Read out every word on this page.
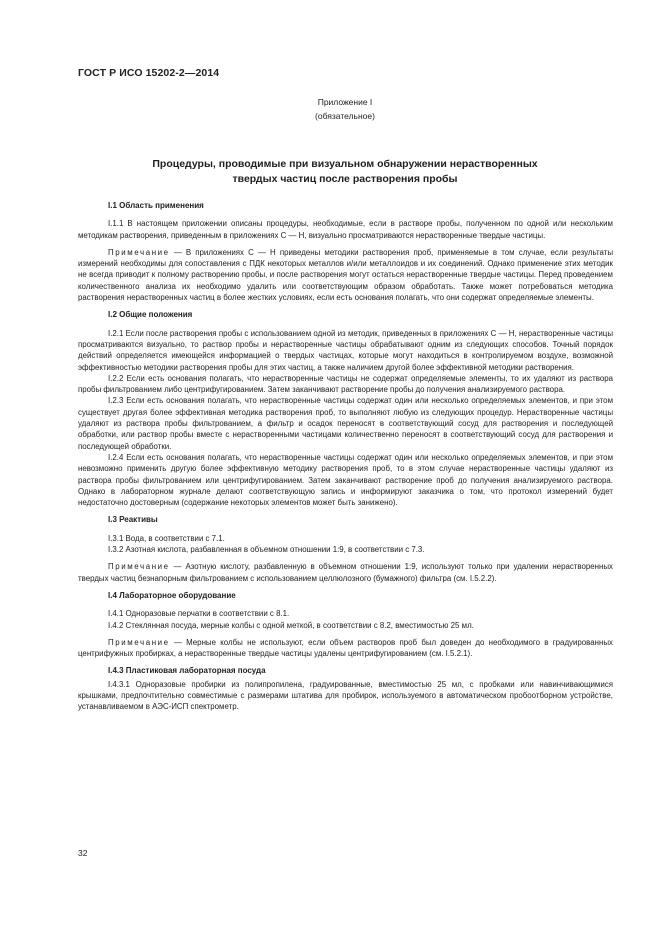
ГОСТ Р ИСО 15202-2—2014
Приложение I
(обязательное)
Процедуры, проводимые при визуальном обнаружении нерастворенных
твердых частиц после растворения пробы
I.1 Область применения

I.1.1 В настоящем приложении описаны процедуры, необходимые, если в растворе пробы, полученном по одной или нескольким методикам растворения, приведенным в приложениях С — Н, визуально просматриваются нерастворенные твердые частицы.

Примечание — В приложениях С — Н приведены методики растворения проб, применяемые в том случае, если результаты измерений необходимы для сопоставления с ПДК некоторых металлов и/или металлоидов и их соединений. Однако применение этих методик не всегда приводит к полному растворению пробы, и после растворения могут остаться нерастворенные твердые частицы. Перед проведением количественного анализа их необходимо удалить или соответствующим образом обработать. Также может потребоваться методика растворения нерастворенных частиц в более жестких условиях, если есть основания полагать, что они содержат определяемые элементы.

I.2 Общие положения

I.2.1 Если после растворения пробы с использованием одной из методик, приведенных в приложениях С — Н, нерастворенные частицы просматриваются визуально, то раствор пробы и нерастворенные частицы обрабатывают одним из следующих способов. Точный порядок действий определяется имеющейся информацией о твердых частицах, которые могут находиться в контролируемом воздухе, возможной эффективностью методики растворения пробы для этих частиц, а также наличием другой более эффективной методики растворения.

I.2.2 Если есть основания полагать, что нерастворенные частицы не содержат определяемые элементы, то их удаляют из раствора пробы фильтрованием либо центрифугированием. Затем заканчивают растворение пробы до получения анализируемого раствора.

I.2.3 Если есть основания полагать, что нерастворенные частицы содержат один или несколько определяемых элементов, и при этом существует другая более эффективная методика растворения проб, то выполняют любую из следующих процедур. Нерастворенные частицы удаляют из раствора пробы фильтрованием, а фильтр и осадок переносят в соответствующий сосуд для растворения и последующей обработки, или раствор пробы вместе с нерастворенными частицами количественно переносят в соответствующий сосуд для растворения и последующей обработки.

I.2.4 Если есть основания полагать, что нерастворенные частицы содержат один или несколько определяемых элементов, и при этом невозможно применить другую более эффективную методику растворения проб, то в этом случае нерастворенные частицы удаляют из раствора пробы фильтрованием или центрифугированием. Затем заканчивают растворение проб до получения анализируемого раствора. Однако в лабораторном журнале делают соответствующую запись и информируют заказчика о том, что протокол измерений будет недостаточно достоверным (содержание некоторых элементов может быть занижено).

I.3 Реактивы

I.3.1 Вода, в соответствии с 7.1.

I.3.2 Азотная кислота, разбавленная в объемном отношении 1:9, в соответствии с 7.3.

Примечание — Азотную кислоту, разбавленную в объемном отношении 1:9, используют только при удалении нерастворенных твердых частиц безнапорным фильтрованием с использованием целлюлозного (бумажного) фильтра (см. I.5.2.2).

I.4 Лабораторное оборудование

I.4.1 Одноразовые перчатки в соответствии с 8.1.

I.4.2 Стеклянная посуда, мерные колбы с одной меткой, в соответствии с 8.2, вместимостью 25 мл.

Примечание — Мерные колбы не используют, если объем растворов проб был доведен до необходимого в градуированных центрифужных пробирках, а нерастворенные твердые частицы удалены центрифугированием (см. I.5.2.1).

I.4.3 Пластиковая лабораторная посуда

I.4.3.1 Одноразовые пробирки из полипропилена, градуированные, вместимостью 25 мл, с пробками или навинчивающимися крышками, предпочтительно совместимые с размерами штатива для пробирок, используемого в автоматическом пробоотборном устройстве, устанавливаемом в АЭС-ИСП спектрометр.

32
